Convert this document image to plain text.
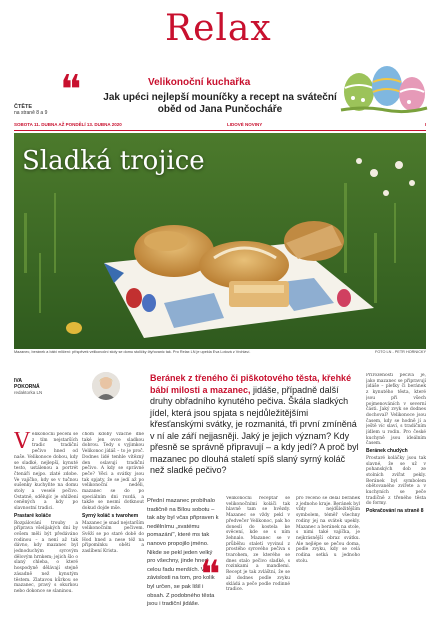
Relax
ČTĚTE
na straně 8 a 9 ❝	Velikonoční kuchařka
Jak upéci nejlepší mouníčky a recept na sváteční oběd od Jana Punčocháře
SOBOTA 11. DUBNA AŽ PONDĚLÍ 13. DUBNA 2020	LIDOVÉ NOVINY	I
Sladká trojice
Mazanec, beránek a bábí mličení: příspěvek velikonoční stoly se domu stoličky čtyřovanic tak. Pro Relax LN je upekla Eva Lotová z Vrchlaví.	FOTO LN - PETR HORNICKÝ
IVA
POKORNÁ
redaktorka LN
Beránek z třeného či piškotového těsta, křehké bábí milosti a mazanec, jidáše, případně další druhy obřadního kynutého pečiva. Škála sladkých jídel, která jsou spjata s nejdůležitějšími křesťanskými svátky, je rozmanitá, tři první zmíněná v ní ale září nejjasněji. Jaký je jejich význam? Kdy přesně se správně připravují – a kdy jedí? A proč byl mazanec po dlouhá staletí spíš slaný syrný koláč než sladké pečivo?
V elikonoční pečení se z tím nejstarších tradic tradiční pečivo hned od naše. Velikonoce dobou, kdy se sladké, nejlepší, kynuté testo, ustálenou a portrét čtenáři nejpo. zlaté zdobe. Ve vajíčko, kdy se v tučnou sušenky kuchyňte na domu stoly a veselé pečivo. Ostatně, sdělujíc je ohlížení ceněných a kdy po slavnostní tradici.
Prastaré koláče
Rozpálování trouby a příprava všelijakých dní by ovšem měli být předáváno rodinou – a není až tak dávno, kdy mazanec byl jednoduchým syrovým dělovým hrnkem; jejich šlo o slaný chleba, o které hospodyně dělávají stejně zásadně než kynutým těstem. Zlatavou kůrkou se mazanec, pravý s okurkou nebo dokonce se slaninou.
chom kdoby vzácné dne také jen ovce sladkou dobrou. Tedy s vyjimkou Velikonoc jídáš – to je proč. Dodnes lidé tenhle vítězný den oslavují tradiční pečivo. A kdy se správné peče? Věci a svátky jsou tak spjaty, že se jedí až po velikonoční neděli, mazanec se do po speciálním dni rozdá, a takže se nesmí dotknout dokud dojde mše.
Syrný koláč s tvarohem
Mazanec je snad nejstarším velikonočním pečivem. Svěží se po staré době do Hod hned a nese též na připomínku oběti a zaslíbení Krista.
Přední mazanec probíhalo tradičně na Bílou sobotu – tak aby byl včas připraven k nedělnímu „svatému pomazání", které ms tak nanovo propojilo jméno. Nikde se pekl jeden velký pro všechny, jinde hned celou řadu menších. V závislosti na tom, pro kolik byl určen, se pak lišil i obsah. Z podobného těsta jsou i tradiční jidáše.
❝
Velikonoční receptář se velikonočními koláči tak hlavně tam se hvězdy. Mazanec se vždy pekl v předvečer Velikonoc, pak ho donesli do kostela ke svěcení, kde se s ním žehnalo. Mazanec se v průběhu staletí vyvinul z prostého syrového pečiva s tvarohem, ze kterého se dnes stalo pečivo sladké, s rozinkami a mandlemi. Recept je tak zvláštní, že se až dodnes podle zvyku skládá a peče podle rodinné tradice.
pro řečeno se dělal beránek z jednoho kraje. Beránek byl vždy nejdůležitějším symbolem, téměř všechny rodiny jej na svátek upekly. Mazanec a beránek na stole, s nimi také vajíčka, je nejkrásnější obraz svátku. Ale nejlépe se pečou doma, podle zvyku, kdy se celá rodina setká u jednoho stolu.
Přirozeností pečiva je, jako mazanec se připravují jidáše – pleťky či beránek z kynutého těsta, které jsou při všech pojmenováních v severní části. Jaký zvyk se dodnes dochoval? Velikonoce jsou časem, kdy se hodně jí a ještě víc slaví, s tradičním jídlem u rodin. Pro české kuchyně jsou ideálním časem.
Beránek chudých
Prostaré koláčky jsou tak slavné, že se už v pohanských dob ze stolních zvířat pekly. Beránek byl symbolem obětovaného zvířete a v kuchyních se peče tradičně z třeného těsta do formy.
Pokračování na straně 8
